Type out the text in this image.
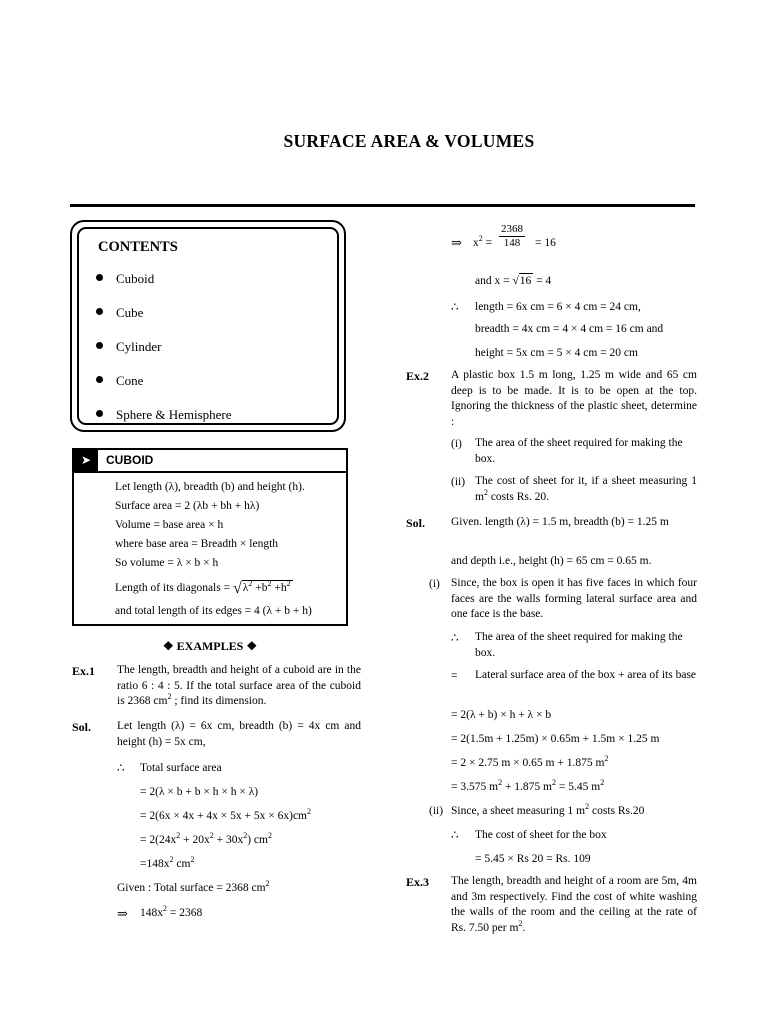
SURFACE AREA & VOLUMES
CONTENTS
Cuboid
Cube
Cylinder
Cone
Sphere & Hemisphere
➤	CUBOID
Let length (λ), breadth (b) and height (h).
Surface area = 2 (λb + bh + hλ)
Volume = base area × h
where base area = Breadth × length
So volume = λ × b × h
Length of its diagonals = $√\lambda^2 +b^2 +h^2$
and total length of its edges = 4 (λ + b + h)
❖ EXAMPLES ❖
Ex.1 The length, breadth and height of a cuboid are in the ratio 6 : 4 : 5. If the total surface area of the cuboid is 2368 $cm^2$ ; find its dimension.
Sol. Let length (λ) = 6x cm, breadth (b) = 4x cm and height (h) = 5x cm,
∴ Total surface area
= 2(λ × b + b × h × h × λ)
= $2(6x \times 4x + 4x \times 5x + 5x \times 6x)cm^2$
= $2(24x^2 + 20x^2 + 30x^2)$ $cm^2$
$=148x^2$ $cm^2$
Given : Total surface = 2368 $cm^2$
⇒ $148x^2 = 2368$
⇒ $x^2 = \frac{2368}{148} = 16$
and x = √16 = 4
∴ length = 6x cm = 6 × 4 cm = 24 cm,
breadth = 4x cm = 4 × 4 cm = 16 cm and
height = 5x cm = 5 × 4 cm = 20 cm
Ex.2 A plastic box 1.5 m long, 1.25 m wide and 65 cm deep is to be made. It is to be open at the top. Ignoring the thickness of the plastic sheet, determine :
(i) The area of the sheet required for making the box.
(ii) The cost of sheet for it, if a sheet measuring 1 $m^2$ costs Rs. 20.
Sol. Given. length (λ) = 1.5 m, breadth (b) = 1.25 m
and depth i.e., height (h) = 65 cm = 0.65 m.
(i) Since, the box is open it has five faces in which four faces are the walls forming lateral surface area and one face is the base.
∴ The area of the sheet required for making the box.
= Lateral surface area of the box + area of its base
= 2(λ + b) × h + λ × b
= 2(1.5m + 1.25m) × 0.65m + 1.5m × 1.25 m
= 2 × 2.75 m × 0.65 m + 1.875 $m^2$
= 3.575 $m^2 + 1.875$ $m^2 = 5.45$ $m^2$
(ii) Since, a sheet measuring 1 $m^2$ costs Rs.20
∴ The cost of sheet for the box
= 5.45 × Rs 20 = Rs. 109
Ex.3 The length, breadth and height of a room are 5m, 4m and 3m respectively. Find the cost of white washing the walls of the room and the ceiling at the rate of Rs. 7.50 per $m^2$.
